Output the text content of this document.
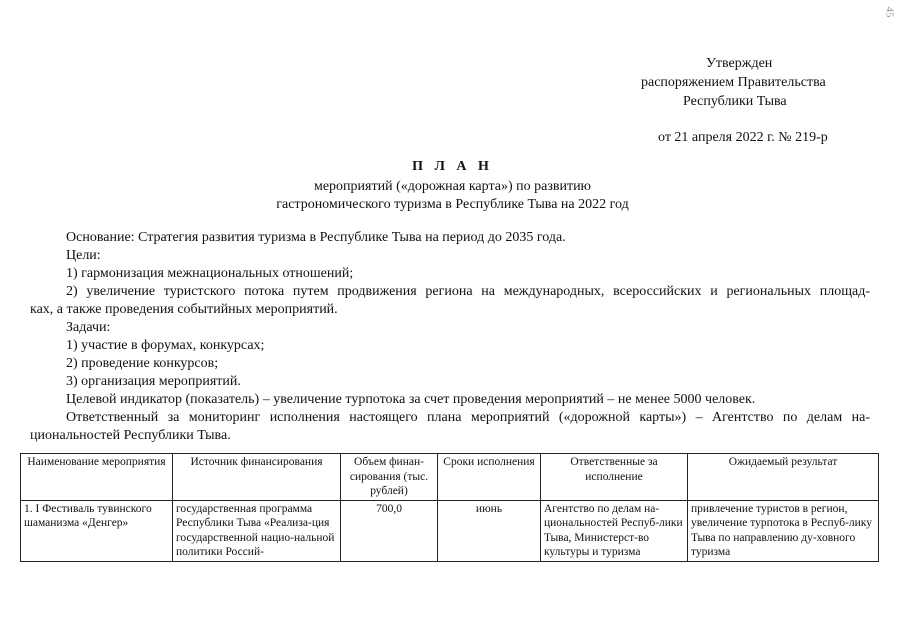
45
Утвержден
распоряжением Правительства
Республики Тыва
от 21 апреля 2022 г. № 219-р
П Л А Н
мероприятий («дорожная карта») по развитию
гастрономического туризма в Республике Тыва на 2022 год

Основание: Стратегия развития туризма в Республике Тыва на период до 2035 года.

Цели:

1) гармонизация межнациональных отношений;

2) увеличение туристского потока путем продвижения региона на международных, всероссийских и региональных площад-

ках, а также проведения событийных мероприятий.

Задачи:

1) участие в форумах, конкурсах;

2) проведение конкурсов;

3) организация мероприятий.

Целевой индикатор (показатель) – увеличение турпотока за счет проведения мероприятий – не менее 5000 человек.

Ответственный за мониторинг исполнения настоящего плана мероприятий («дорожной карты») – Агентство по делам на-

циональностей Республики Тыва.

Наименование мероприятия	Источник финансирования	Объем финан-сирования (тыс. рублей)	Сроки исполнения	Ответственные за исполнение	Ожидаемый результат
1. I Фестиваль тувинского шаманизма «Денгер»	государственная программа Республики Тыва «Реализа-ция государственной нацио-нальной политики Россий-	700,0	июнь	Агентство по делам на-циональностей Респуб-лики Тыва, Министерст-во культуры и туризма	привлечение туристов в регион, увеличение турпотока в Респуб-лику Тыва по направлению ду-ховного туризма
